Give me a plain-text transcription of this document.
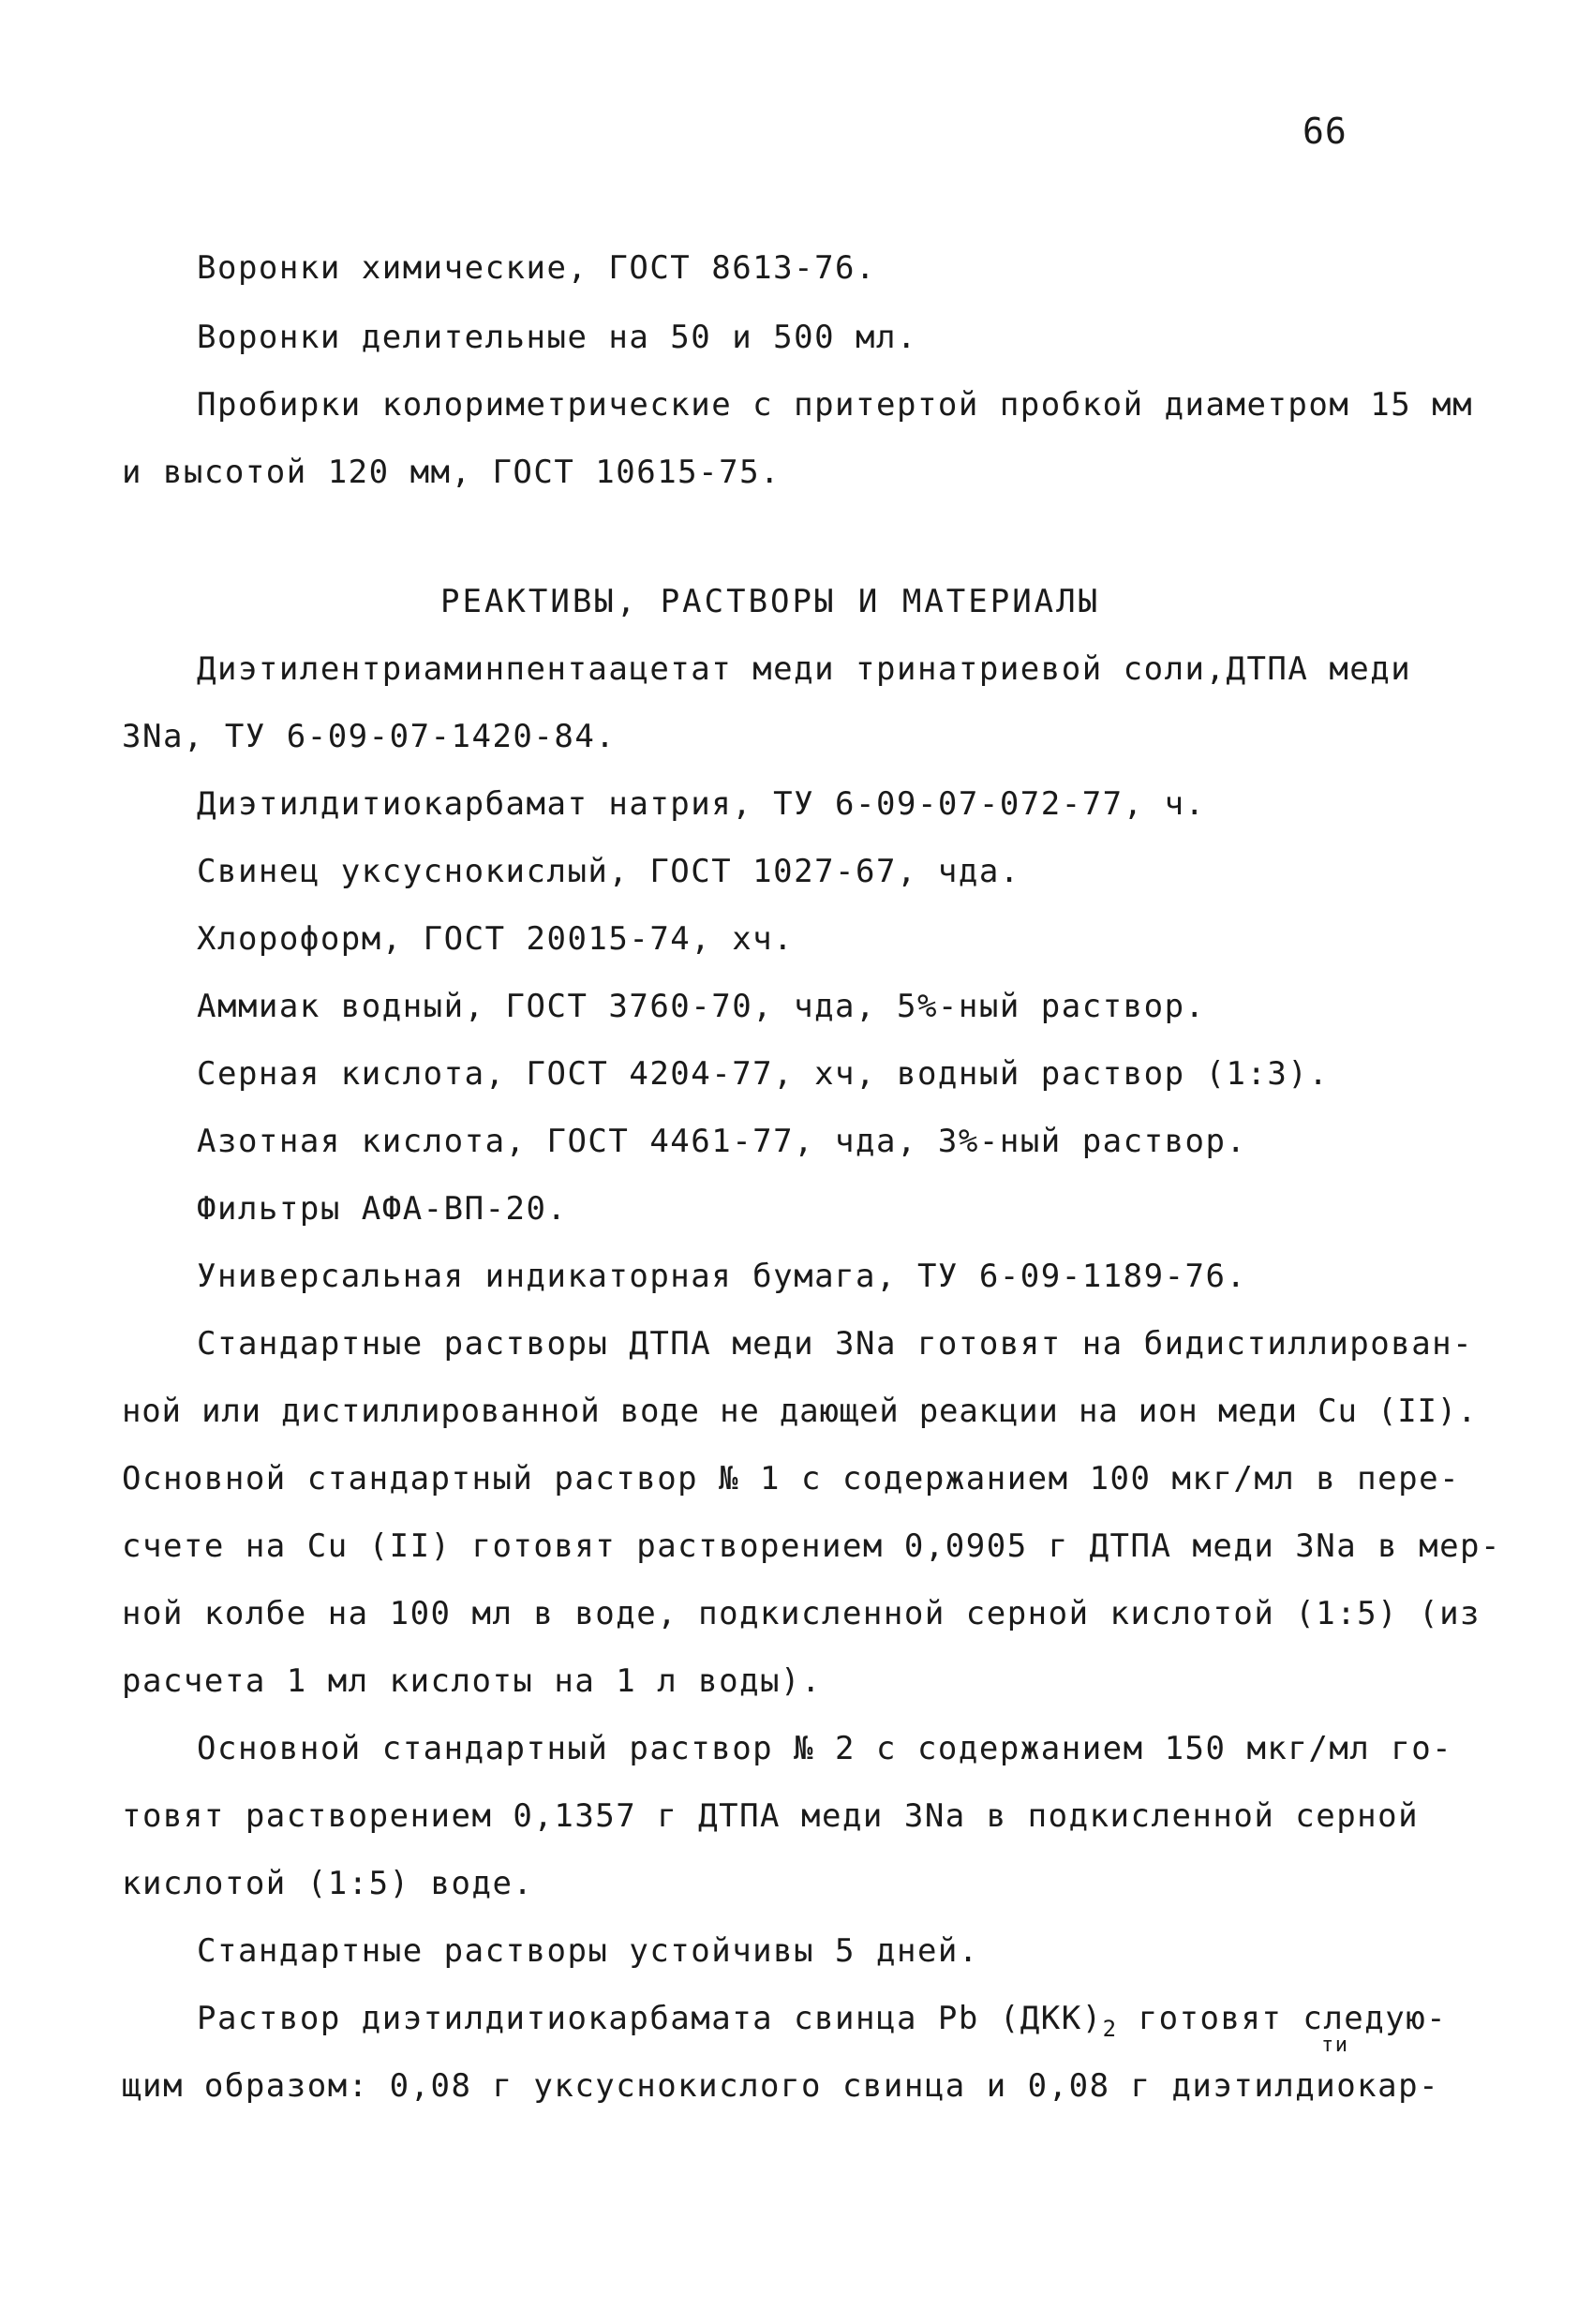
66
Воронки химические, ГОСТ 8613-76.
Воронки делительные на 50 и 500 мл.
Пробирки колориметрические с притертой пробкой диаметром 15 мм
и высотой 120 мм, ГОСТ 10615-75.
РЕАКТИВЫ, РАСТВОРЫ И МАТЕРИАЛЫ
Диэтилентриаминпентаацетат меди тринатриевой соли,ДТПА меди
3Na, ТУ 6-09-07-1420-84.
Диэтилдитиокарбамат натрия, ТУ 6-09-07-072-77, ч.
Свинец уксуснокислый, ГОСТ 1027-67, чда.
Хлороформ, ГОСТ 20015-74, хч.
Аммиак водный, ГОСТ 3760-70, чда, 5%-ный раствор.
Серная кислота, ГОСТ 4204-77, хч, водный раствор (1:3).
Азотная кислота, ГОСТ 4461-77, чда, 3%-ный раствор.
Фильтры АФА-ВП-20.
Универсальная индикаторная бумага, ТУ 6-09-1189-76.
Стандартные растворы ДТПА меди 3Na готовят на бидистиллирован-
ной или дистиллированной воде не дающей реакции на ион меди Cu (II).
Основной стандартный раствор № 1 с содержанием 100 мкг/мл в пере-
счете на Cu (II) готовят растворением 0,0905 г ДТПА меди 3Na в мер-
ной колбе на 100 мл в воде, подкисленной серной кислотой (1:5) (из
расчета 1 мл кислоты на 1 л воды).
Основной стандартный раствор № 2 с содержанием 150 мкг/мл го-
товят растворением 0,1357 г ДТПА меди 3Na в подкисленной серной
кислотой (1:5) воде.
Стандартные растворы устойчивы 5 дней.
Раствор диэтилдитиокарбамата свинца Pb $(ДКК)_2$ готовят следую-
ти
щим образом: 0,08 г уксуснокислого свинца и 0,08 г диэтилдиокар-
